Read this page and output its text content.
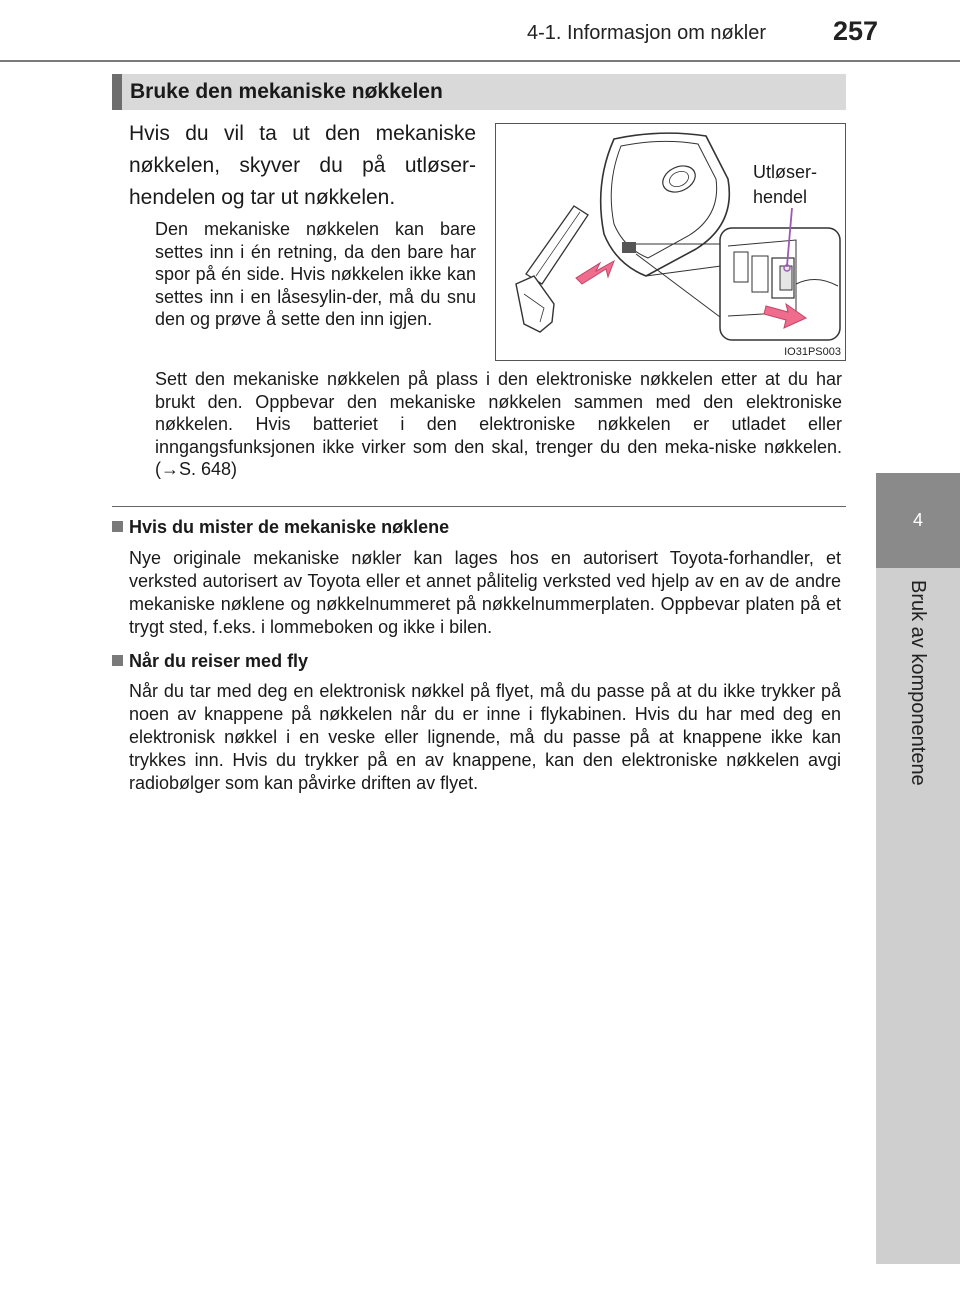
4-1. Informasjon om nøkler 257
4
Bruk av komponentene
Bruke den mekaniske nøkkelen

Hvis du vil ta ut den mekaniske nøkkelen, skyver du på utløser-hendelen og tar ut nøkkelen.

Den mekaniske nøkkelen kan bare settes inn i én retning, da den bare har spor på én side. Hvis nøkkelen ikke kan settes inn i en låsesylin-der, må du snu den og prøve å sette den inn igjen.

Utløser-
hendel
IO31PS003

Sett den mekaniske nøkkelen på plass i den elektroniske nøkkelen etter at du har brukt den. Oppbevar den mekaniske nøkkelen sammen med den elektroniske nøkkelen. Hvis batteriet i den elektroniske nøkkelen er utladet eller inngangsfunksjonen ikke virker som den skal, trenger du den meka-niske nøkkelen. (→S. 648)

Hvis du mister de mekaniske nøklene

Nye originale mekaniske nøkler kan lages hos en autorisert Toyota-forhandler, et verksted autorisert av Toyota eller et annet pålitelig verksted ved hjelp av en av de andre mekaniske nøklene og nøkkelnummeret på nøkkelnummerplaten. Oppbevar platen på et trygt sted, f.eks. i lommeboken og ikke i bilen.

Når du reiser med fly

Når du tar med deg en elektronisk nøkkel på flyet, må du passe på at du ikke trykker på noen av knappene på nøkkelen når du er inne i flykabinen. Hvis du har med deg en elektronisk nøkkel i en veske eller lignende, må du passe på at knappene ikke kan trykkes inn. Hvis du trykker på en av knappene, kan den elektroniske nøkkelen avgi radiobølger som kan påvirke driften av flyet.
